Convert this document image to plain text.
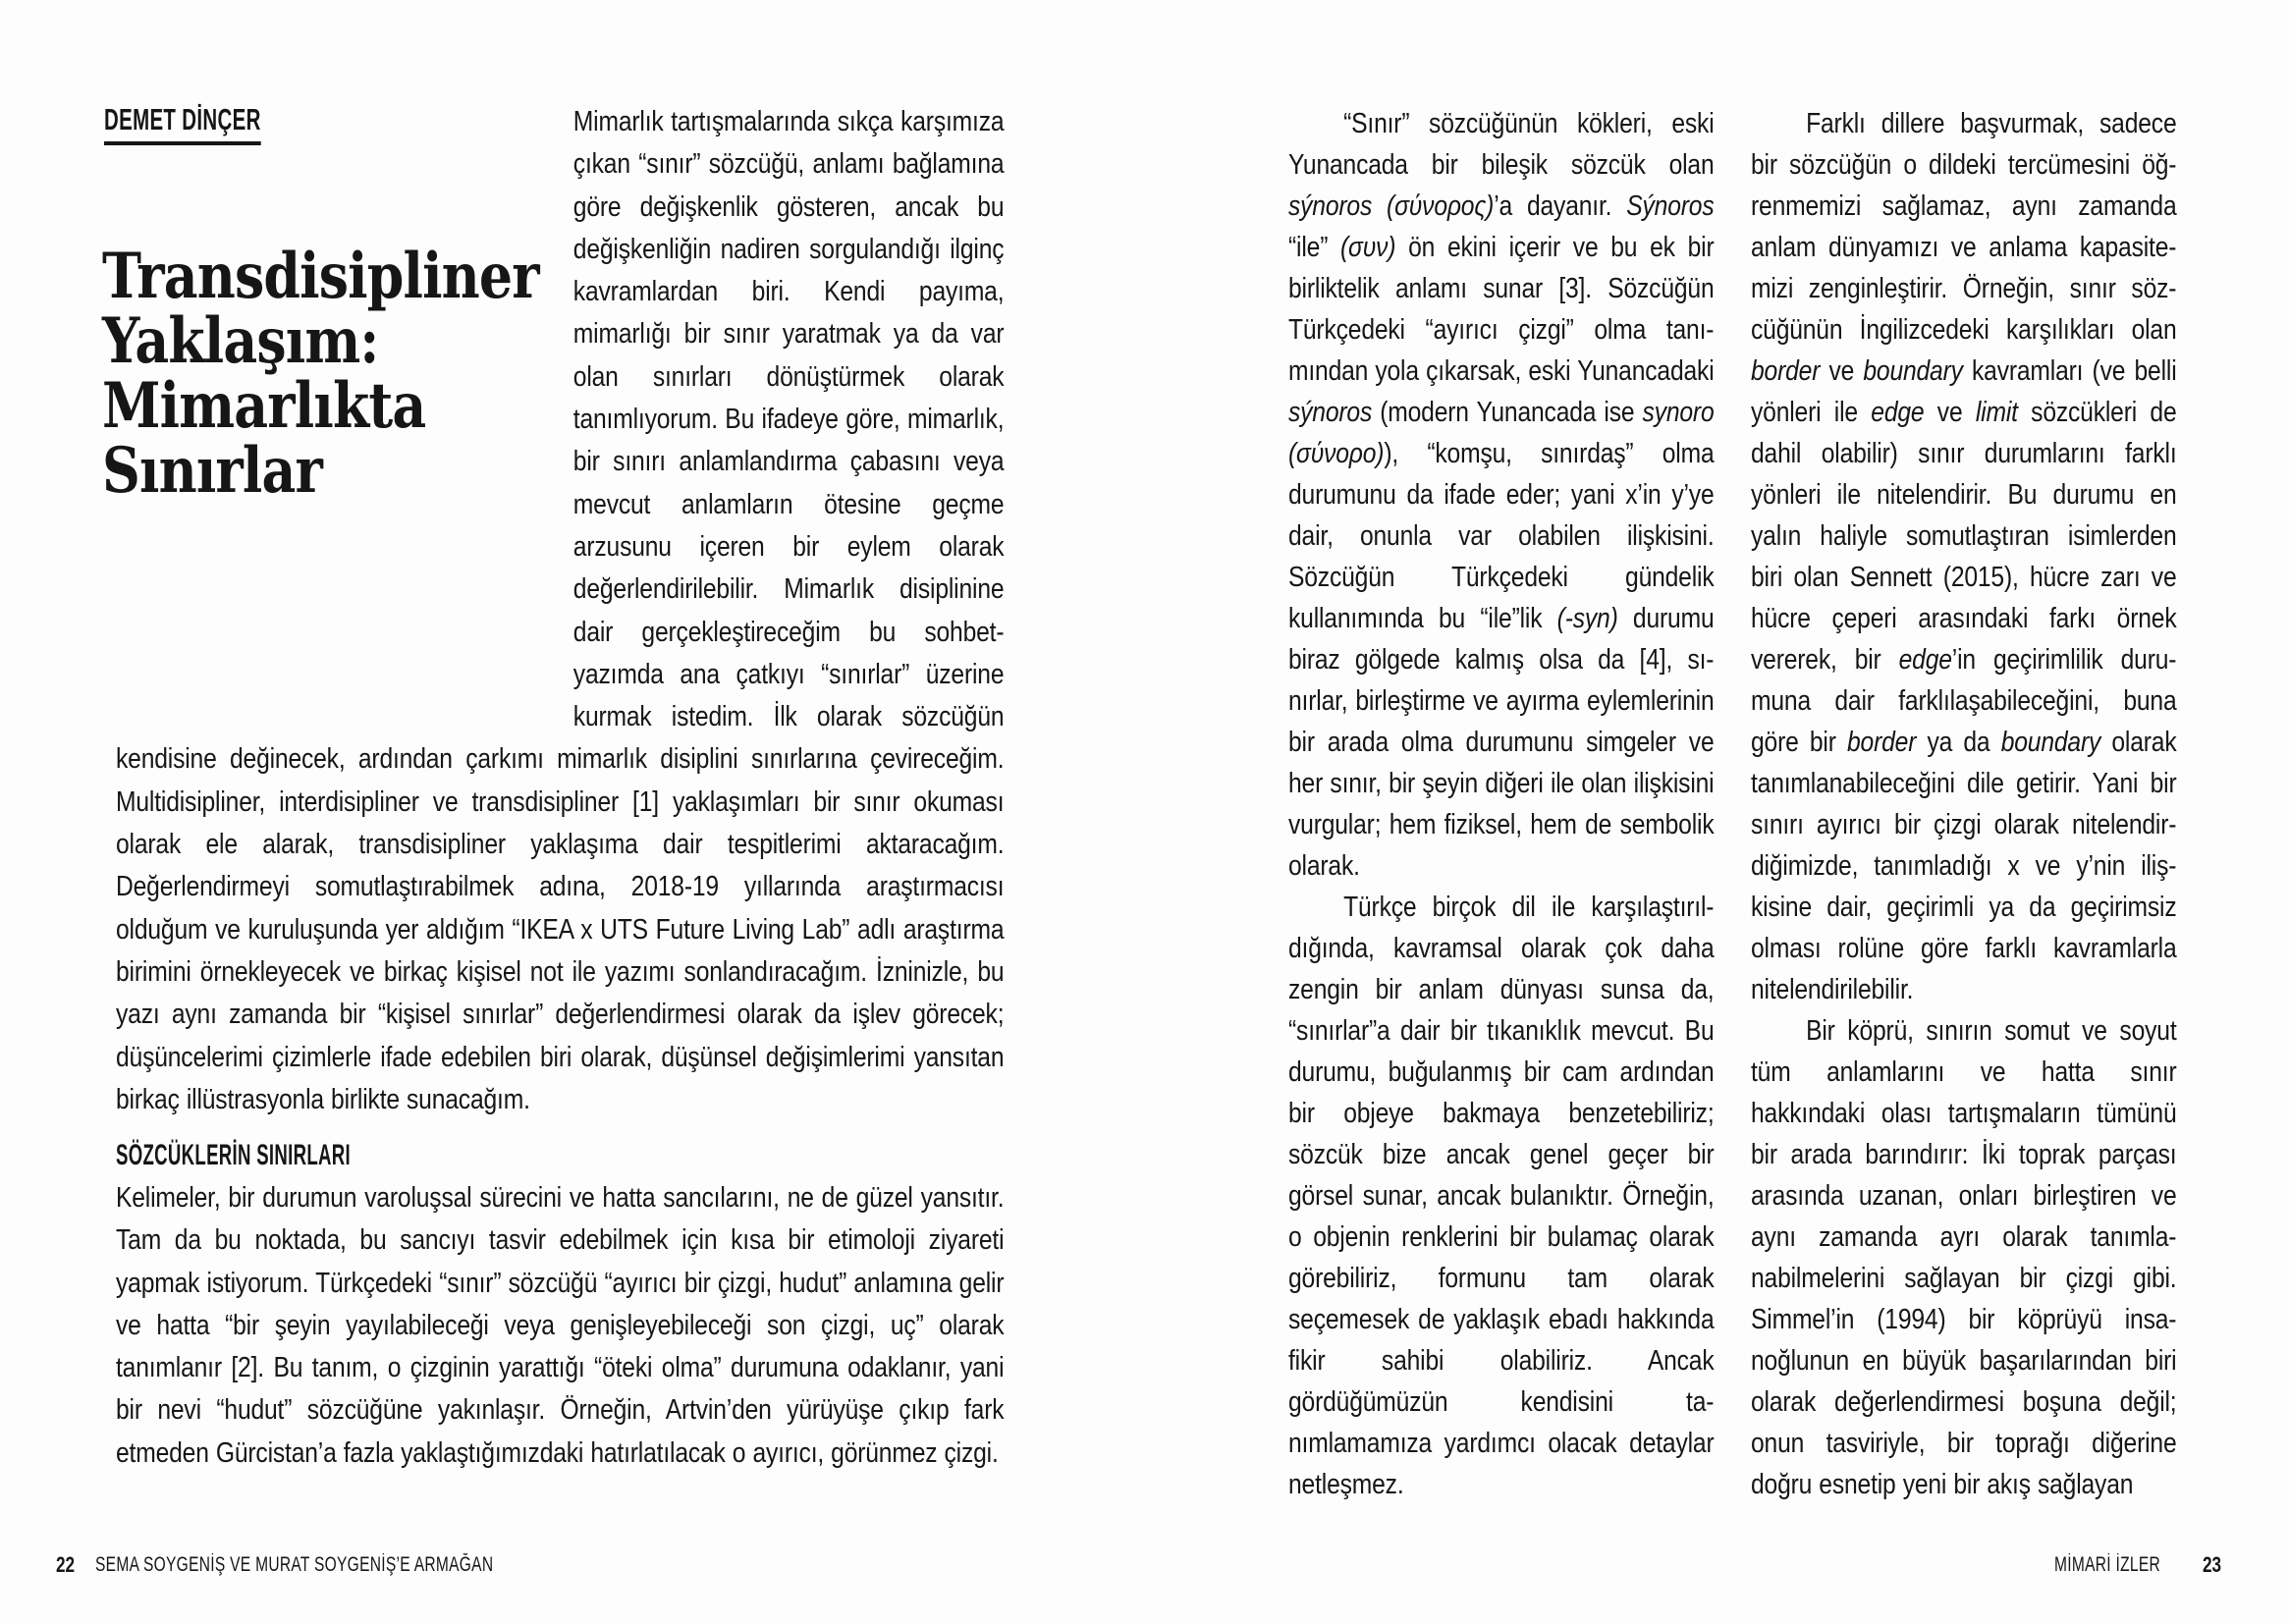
DEMET DİNÇER
Transdisipliner
Yaklaşım:
Mimarlıkta
Sınırlar

Mimarlık tartışmalarında sıkça karşımıza çıkan “sınır” sözcüğü, anlamı bağlamına göre değişkenlik gösteren, ancak bu değişkenliğin nadiren sorgulandığı ilginç kavramlardan biri. Kendi payıma, mimarlığı bir sınır yaratmak ya da var olan sınırları dönüştürmek olarak tanımlıyorum. Bu ifadeye göre, mimarlık, bir sınırı anlamlandırma çabasını veya mevcut anlamların ötesine geçme arzusunu içeren bir eylem olarak değerlendirilebilir. Mimarlık disiplinine dair gerçekleştireceğim bu sohbet-yazımda ana çatkıyı “sınırlar” üzerine kurmak istedim. İlk olarak sözcüğün kendisine değinecek, ardından çarkımı mimarlık disiplini sınırlarına çevireceğim. Multidisipliner, interdisipliner ve transdisipliner [1] yaklaşımları bir sınır okuması olarak ele alarak, transdisipliner yaklaşıma dair tespitlerimi aktaracağım. Değerlendirmeyi somutlaştırabilmek adına, 2018-19 yıllarında araştırmacısı olduğum ve kuruluşunda yer aldığım “IKEA x UTS Future Living Lab” adlı araştırma birimini örnekleyecek ve birkaç kişisel not ile yazımı sonlandıracağım. İzninizle, bu yazı aynı zamanda bir “kişisel sınırlar” değerlendirmesi olarak da işlev görecek; düşüncelerimi çizimlerle ifade edebilen biri olarak, düşünsel değişimlerimi yansıtan birkaç illüstrasyonla birlikte sunacağım.

SÖZCÜKLERİN SINIRLARI

Kelimeler, bir durumun varoluşsal sürecini ve hatta sancılarını, ne de güzel yansıtır. Tam da bu noktada, bu sancıyı tasvir edebilmek için kısa bir etimoloji ziyareti yapmak istiyorum. Türkçedeki “sınır” sözcüğü “ayırıcı bir çizgi, hudut” anlamına gelir ve hatta “bir şeyin yayılabileceği veya genişleyebileceği son çizgi, uç” olarak tanımlanır [2]. Bu tanım, o çizginin yarattığı “öteki olma” durumuna odaklanır, yani bir nevi “hudut” sözcüğüne yakınlaşır. Örneğin, Artvin’den yürüyüşe çıkıp fark etmeden Gürcistan’a fazla yaklaştığımızdaki hatırlatılacak o ayırıcı, görünmez çizgi.

22 SEMA SOYGENİŞ VE MURAT SOYGENİŞ’E ARMAĞAN

“Sınır” sözcüğünün kökleri, eski Yunancada bir bileşik sözcük olan sýnoros (σύνορος)’a dayanır. Sýnoros “ile” (συν) ön ekini içerir ve bu ek bir birliktelik anlamı sunar [3]. Sözcüğün Türkçedeki “ayırıcı çizgi” olma tanımından yola çıkarsak, eski Yunancadaki sýnoros (modern Yunancada ise synoro (σύνορο)), “komşu, sınırdaş” olma durumunu da ifade eder; yani x’in y’ye dair, onunla var olabilen ilişkisini. Sözcüğün Türkçedeki gündelik kullanımında bu “ile”lik (-syn) durumu biraz gölgede kalmış olsa da [4], sınırlar, birleştirme ve ayırma eylemlerinin bir arada olma durumunu simgeler ve her sınır, bir şeyin diğeri ile olan ilişkisini vurgular; hem fiziksel, hem de sembolik olarak.

Türkçe birçok dil ile karşılaştırıldığında, kavramsal olarak çok daha zengin bir anlam dünyası sunsa da, “sınırlar”a dair bir tıkanıklık mevcut. Bu durumu, buğulanmış bir cam ardından bir objeye bakmaya benzetebiliriz; sözcük bize ancak genel geçer bir görsel sunar, ancak bulanıktır. Örneğin, o objenin renklerini bir bulamaç olarak görebiliriz, formunu tam olarak seçemesek de yaklaşık ebadı hakkında fikir sahibi olabiliriz. Ancak gördüğümüzün kendisini tanımlamamıza yardımcı olacak detaylar netleşmez.

Farklı dillere başvurmak, sadece bir sözcüğün o dildeki tercümesini öğrenmemizi sağlamaz, aynı zamanda anlam dünyamızı ve anlama kapasitemizi zenginleştirir. Örneğin, sınır sözcüğünün İngilizcedeki karşılıkları olan border ve boundary kavramları (ve belli yönleri ile edge ve limit sözcükleri de dahil olabilir) sınır durumlarını farklı yönleri ile nitelendirir. Bu durumu en yalın haliyle somutlaştıran isimlerden biri olan Sennett (2015), hücre zarı ve hücre çeperi arasındaki farkı örnek vererek, bir edge’in geçirimlilik durumuna dair farklılaşabileceğini, buna göre bir border ya da boundary olarak tanımlanabileceğini dile getirir. Yani bir sınırı ayırıcı bir çizgi olarak nitelendirdiğimizde, tanımladığı x ve y’nin ilişkisine dair, geçirimli ya da geçirimsiz olması rolüne göre farklı kavramlarla nitelendirilebilir.

Bir köprü, sınırın somut ve soyut tüm anlamlarını ve hatta sınır hakkındaki olası tartışmaların tümünü bir arada barındırır: İki toprak parçası arasında uzanan, onları birleştiren ve aynı zamanda ayrı olarak tanımlanabilmelerini sağlayan bir çizgi gibi. Simmel’in (1994) bir köprüyü insanoğlunun en büyük başarılarından biri olarak değerlendirmesi boşuna değil; onun tasviriyle, bir toprağı diğerine doğru esnetip yeni bir akış sağlayan

MİMARİ İZLER 23
